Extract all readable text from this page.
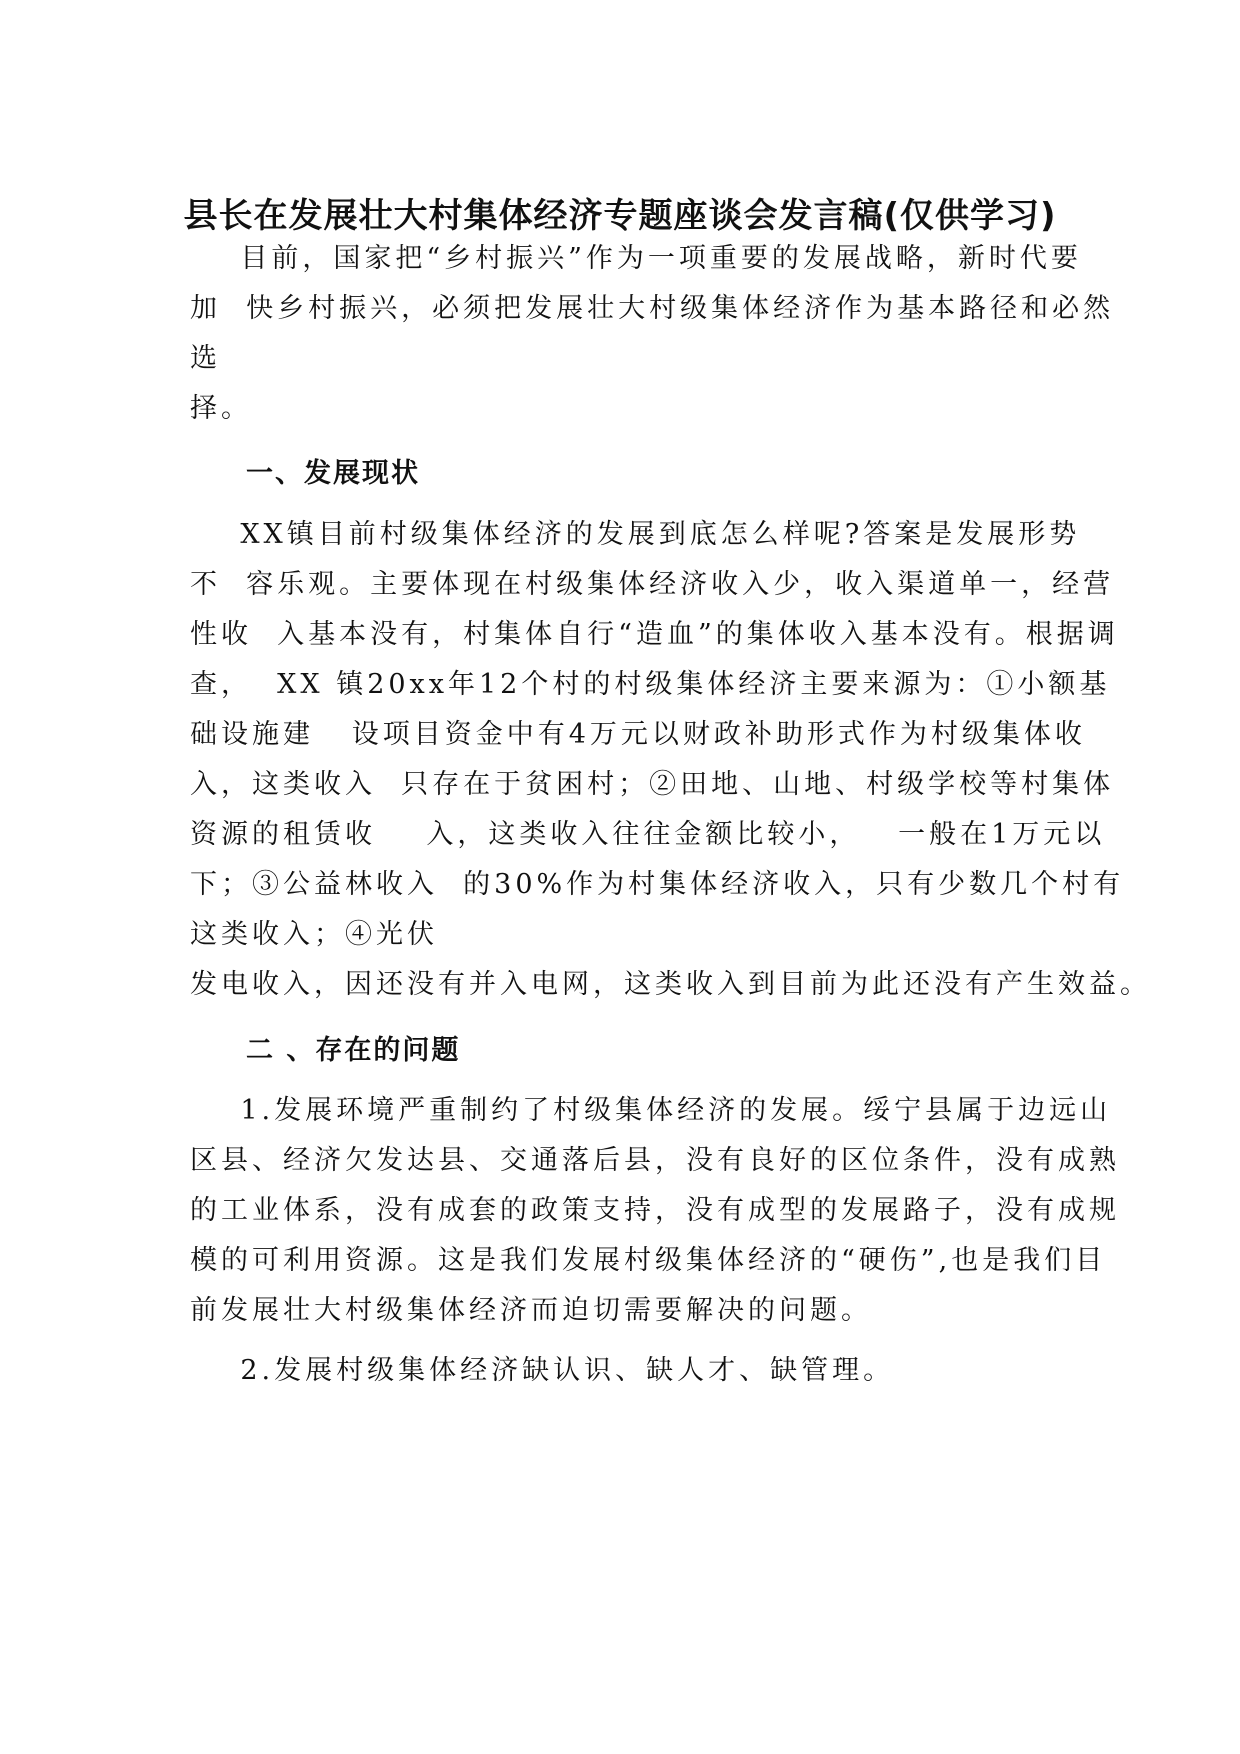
县长在发展壮大村集体经济专题座谈会发言稿(仅供学习)
目前，国家把“乡村振兴”作为一项重要的发展战略，新时代要
加  快乡村振兴，必须把发展壮大村级集体经济作为基本路径和必然
选
择。
一、发展现状
XX镇目前村级集体经济的发展到底怎么样呢?答案是发展形势
不  容乐观。主要体现在村级集体经济收入少，收入渠道单一，经营
性收  入基本没有，村集体自行“造血”的集体收入基本没有。根据调
查，  XX 镇20xx年12个村的村级集体经济主要来源为：①小额基
础设施建   设项目资金中有4万元以财政补助形式作为村级集体收
入，这类收入  只存在于贫困村；②田地、山地、村级学校等村集体
资源的租赁收    入，这类收入往往金额比较小，   一般在1万元以
下；③公益林收入  的30%作为村集体经济收入，只有少数几个村有
这类收入；④光伏
发电收入，因还没有并入电网，这类收入到目前为此还没有产生效益。
二 、存在的问题
1.发展环境严重制约了村级集体经济的发展。绥宁县属于边远山
区县、经济欠发达县、交通落后县，没有良好的区位条件，没有成熟
的工业体系，没有成套的政策支持，没有成型的发展路子，没有成规
模的可利用资源。这是我们发展村级集体经济的“硬伤”,也是我们目
前发展壮大村级集体经济而迫切需要解决的问题。
2.发展村级集体经济缺认识、缺人才、缺管理。
